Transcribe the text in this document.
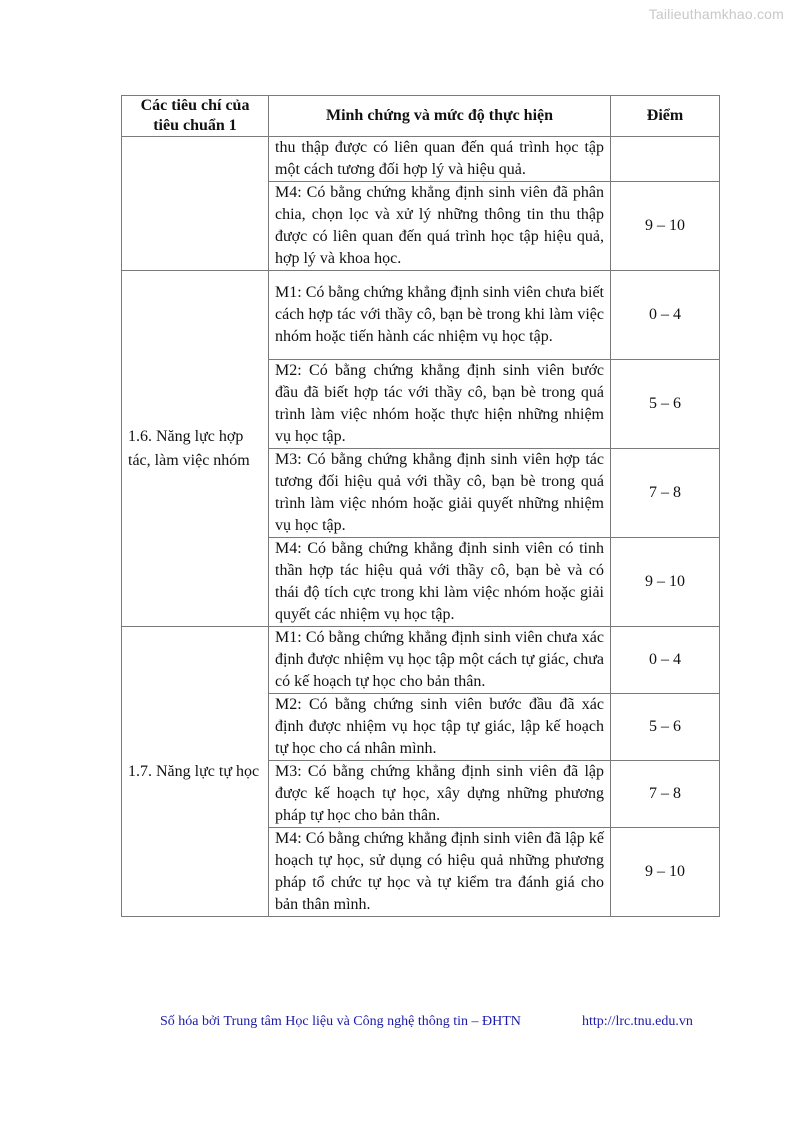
Tailieuthamkhao.com
Các tiêu chí của tiêu chuẩn 1	Minh chứng và mức độ thực hiện	Điểm
	thu thập được có liên quan đến quá trình học tập một cách tương đối hợp lý và hiệu quả.	
	M4: Có bằng chứng khẳng định sinh viên đã phân chia, chọn lọc và xử lý những thông tin thu thập được có liên quan đến quá trình học tập hiệu quả, hợp lý và khoa học.	9 – 10
1.6. Năng lực hợp tác, làm việc nhóm	M1: Có bằng chứng khẳng định sinh viên chưa biết cách hợp tác với thầy cô, bạn bè trong khi làm việc nhóm hoặc tiến hành các nhiệm vụ học tập.	0 – 4
	M2: Có bằng chứng khẳng định sinh viên bước đầu đã biết hợp tác với thầy cô, bạn bè trong quá trình làm việc nhóm hoặc thực hiện những nhiệm vụ học tập.	5 – 6
	M3: Có bằng chứng khẳng định sinh viên hợp tác tương đối hiệu quả với thầy cô, bạn bè trong quá trình làm việc nhóm hoặc giải quyết những nhiệm vụ học tập.	7 – 8
	M4: Có bằng chứng khẳng định sinh viên có tinh thần hợp tác hiệu quả với thầy cô, bạn bè và có thái độ tích cực trong khi làm việc nhóm hoặc giải quyết các nhiệm vụ học tập.	9 – 10
1.7. Năng lực tự học	M1: Có bằng chứng khẳng định sinh viên chưa xác định được nhiệm vụ học tập một cách tự giác, chưa có kế hoạch tự học cho bản thân.	0 – 4
	M2: Có bằng chứng sinh viên bước đầu đã xác định được nhiệm vụ học tập tự giác, lập kế hoạch tự học cho cá nhân mình.	5 – 6
	M3: Có bằng chứng khẳng định sinh viên đã lập được kế hoạch tự học, xây dựng những phương pháp tự học cho bản thân.	7 – 8
	M4: Có bằng chứng khẳng định sinh viên đã lập kế hoạch tự học, sử dụng có hiệu quả những phương pháp tổ chức tự học và tự kiểm tra đánh giá cho bản thân mình.	9 – 10
Số hóa bởi Trung tâm Học liệu và Công nghệ thông tin – ĐHTN	http://lrc.tnu.edu.vn
